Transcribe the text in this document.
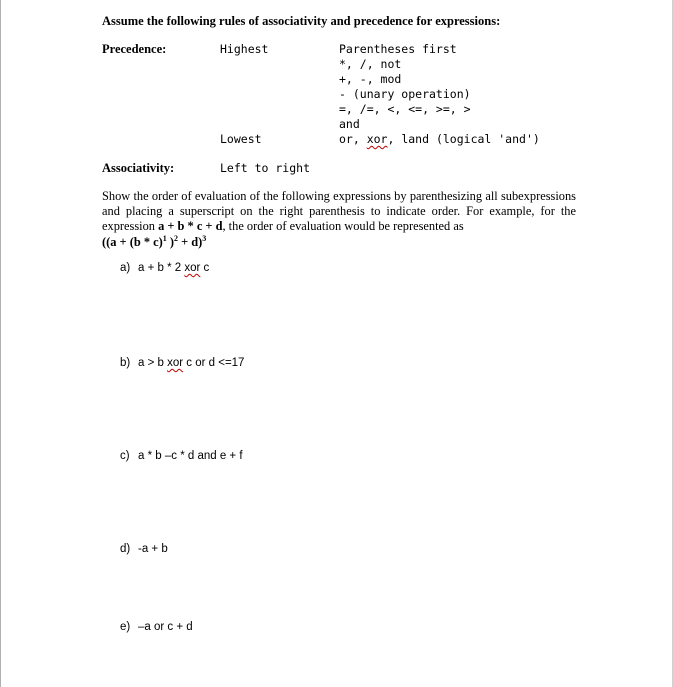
Assume the following rules of associativity and precedence for expressions:
Precedence:	Highest
Lowest
Parentheses first
*, /, not
+, -, mod
- (unary operation)
=, /=, <, <=, >=, >
and
or, xor, land (logical 'and')
Associativity:	Left to right
Show the order of evaluation of the following expressions by parenthesizing all subexpressions and placing a superscript on the right parenthesis to indicate order. For example, for the expression a + b * c + d, the order of evaluation would be represented as
((a + (b * c)$^1$ )$^2$ + d)$^3$
a) a + b * 2 xor c
b) a > b xor c or d <=17
c) a * b –c * d and e + f
d) -a + b
e) –a or c + d
